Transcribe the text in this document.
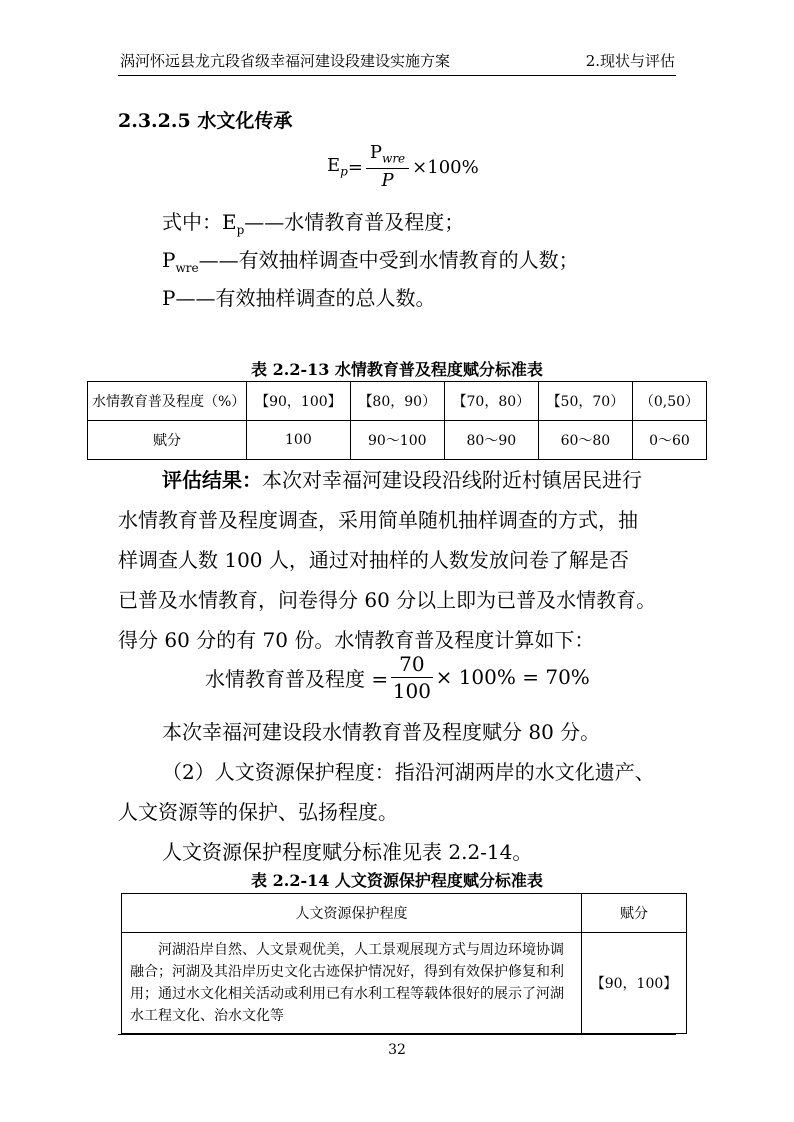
涡河怀远县龙亢段省级幸福河建设段建设实施方案	2.现状与评估
2.3.2.5 水文化传承
$E_p = \frac{P_{wre}}{P} \times 100\%$
式中：$E_p——$水情教育普及程度；
$P_{wre}——$有效抽样调查中受到水情教育的人数；
P——有效抽样调查的总人数。
表 2.2-13 水情教育普及程度赋分标准表
水情教育普及程度（%）	【90，100】	【80，90）	【70，80）	【50，70）	（0,50）
赋分	100	90～100	80～90	60～80	0～60
评估结果：本次对幸福河建设段沿线附近村镇居民进行
水情教育普及程度调查，采用简单随机抽样调查的方式，抽
样调查人数 100 人，通过对抽样的人数发放问卷了解是否
已普及水情教育，问卷得分 60 分以上即为已普及水情教育。
得分 60 分的有 70 份。水情教育普及程度计算如下：
水情教育普及程度 = $\frac{70}{100} \times 100\% = 70\%$
本次幸福河建设段水情教育普及程度赋分 80 分。
（2）人文资源保护程度：指沿河湖两岸的水文化遗产、
人文资源等的保护、弘扬程度。
人文资源保护程度赋分标准见表 2.2-14。
表 2.2-14 人文资源保护程度赋分标准表
人文资源保护程度	赋分
　　河湖沿岸自然、人文景观优美，人工景观展现方式与周边环境协调融合；河湖及其沿岸历史文化古迹保护情况好，得到有效保护修复和利用；通过水文化相关活动或利用已有水利工程等载体很好的展示了河湖水工程文化、治水文化等	【90，100】
32
